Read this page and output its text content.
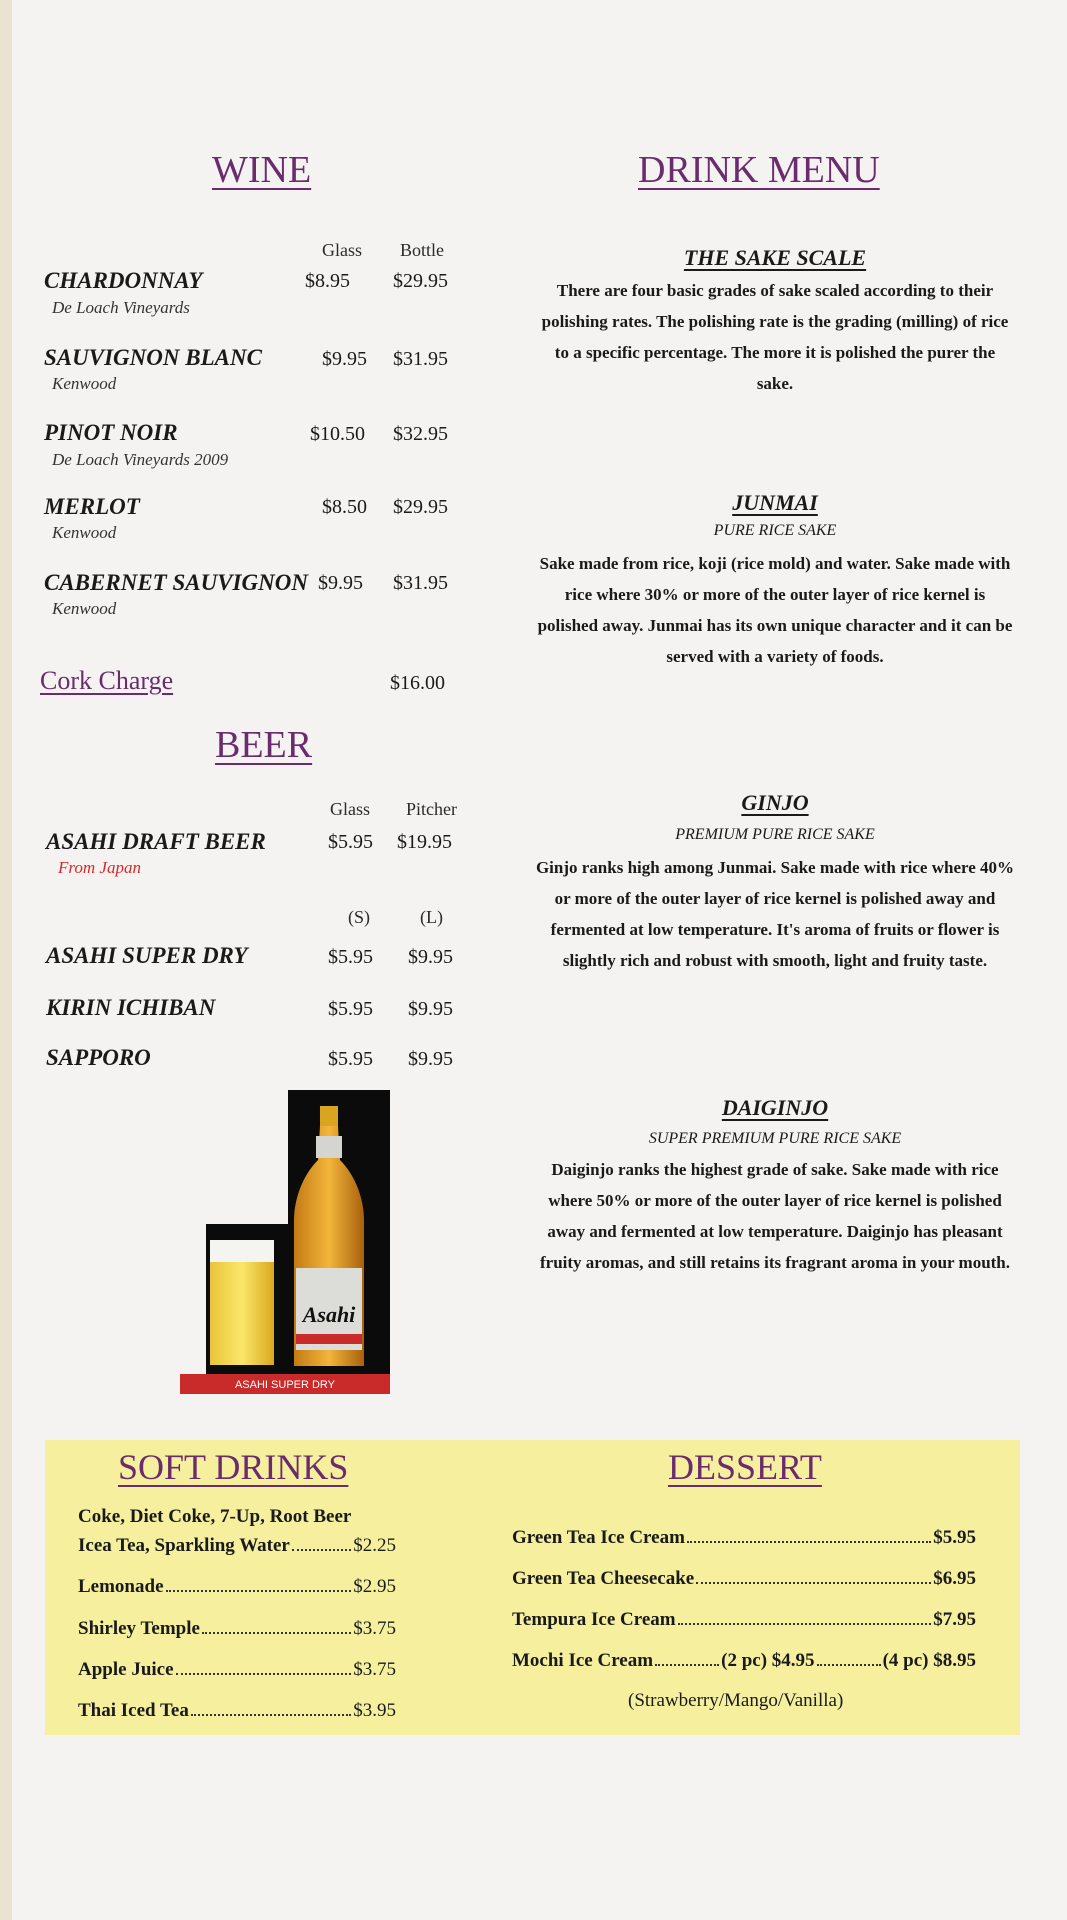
WINE
Glass Bottle
CHARDONNAY
De Loach Vineyards
$8.95 $29.95
SAUVIGNON BLANC
Kenwood
$9.95 $31.95
PINOT NOIR
De Loach Vineyards 2009
$10.50 $32.95
MERLOT
Kenwood
$8.50 $29.95
CABERNET SAUVIGNON
Kenwood
$9.95 $31.95
Cork Charge	$16.00
BEER
Glass Pitcher
ASAHI DRAFT BEER
From Japan
$5.95 $19.95
(S)	(L)
ASAHI SUPER DRY	$5.95 $9.95
KIRIN ICHIBAN	$5.95 $9.95
SAPPORO	$5.95 $9.95
Asahi
ASAHI SUPER DRY
DRINK MENU
THE SAKE SCALE

There are four basic grades of sake scaled according to their polishing rates. The polishing rate is the grading (milling) of rice to a specific percentage. The more it is polished the purer the sake.

JUNMAI
PURE RICE SAKE

Sake made from rice, koji (rice mold) and water. Sake made with rice where 30% or more of the outer layer of rice kernel is polished away. Junmai has its own unique character and it can be served with a variety of foods.

GINJO
PREMIUM PURE RICE SAKE

Ginjo ranks high among Junmai. Sake made with rice where 40% or more of the outer layer of rice kernel is polished away and fermented at low temperature. It's aroma of fruits or flower is slightly rich and robust with smooth, light and fruity taste.

DAIGINJO
SUPER PREMIUM PURE RICE SAKE

Daiginjo ranks the highest grade of sake. Sake made with rice where 50% or more of the outer layer of rice kernel is polished away and fermented at low temperature. Daiginjo has pleasant fruity aromas, and still retains its fragrant aroma in your mouth.

SOFT DRINKS
Coke, Diet Coke, 7-Up, Root Beer
Icea Tea, Sparkling Water	$2.25
Lemonade	$2.95
Shirley Temple	$3.75
Apple Juice	$3.75
Thai Iced Tea	$3.95
DESSERT
Green Tea Ice Cream	$5.95
Green Tea Cheesecake	$6.95
Tempura Ice Cream	$7.95
Mochi Ice Cream	(2 pc) $4.95	(4 pc) $8.95
(Strawberry/Mango/Vanilla)
